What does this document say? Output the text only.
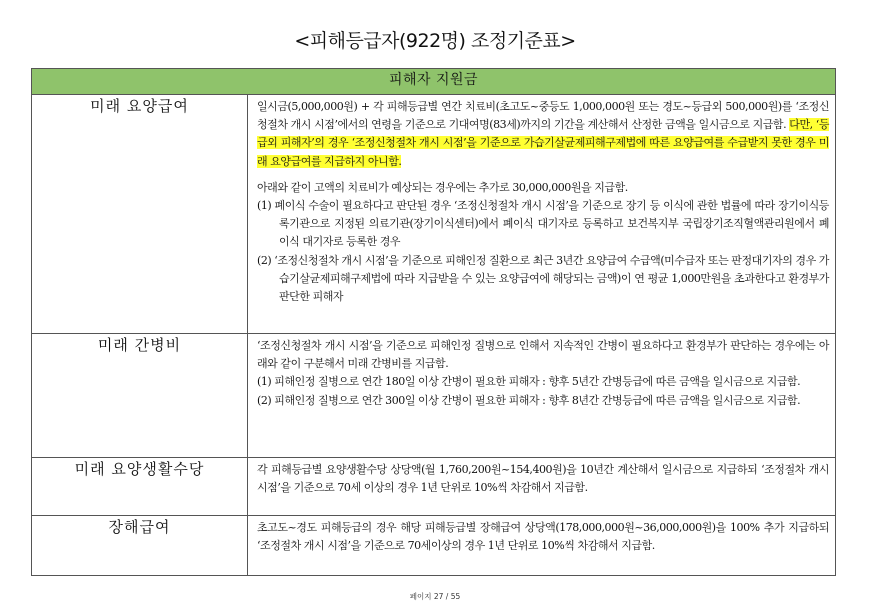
<피해등급자(922명) 조정기준표>
피해자 지원금	
미래 요양급여	일시금(5,000,000원) + 각 피해등급별 연간 치료비(초고도~중등도 1,000,000원 또는 경도~등급외 500,000원)를 ‘조정신청절차 개시 시점’에서의 연령을 기준으로 기대여명(83세)까지의 기간을 계산해서 산정한 금액을 일시금으로 지급함. 다만, ‘등급외 피해자’의 경우 ‘조정신청절차 개시 시점’을 기준으로 가습기살균제피해구제법에 따른 요양급여를 수급받지 못한 경우 미래 요양급여를 지급하지 아니함.
아래와 같이 고액의 치료비가 예상되는 경우에는 추가로 30,000,000원을 지급함.
(1) 폐이식 수술이 필요하다고 판단된 경우 ‘조정신청절차 개시 시점’을 기준으로 장기 등 이식에 관한 법률에 따라 장기이식등록기관으로 지정된 의료기관(장기이식센터)에서 폐이식 대기자로 등록하고 보건복지부 국립장기조직혈액관리원에서 폐이식 대기자로 등록한 경우
(2) ‘조정신청절차 개시 시점’을 기준으로 피해인정 질환으로 최근 3년간 요양급여 수급액(미수급자 또는 판정대기자의 경우 가습기살균제피해구제법에 따라 지급받을 수 있는 요양급여에 해당되는 금액)이 연 평균 1,000만원을 초과한다고 환경부가 판단한 피해자

미래 간병비	‘조정신청절차 개시 시점’을 기준으로 피해인정 질병으로 인해서 지속적인 간병이 필요하다고 환경부가 판단하는 경우에는 아래와 같이 구분해서 미래 간병비를 지급함.
(1) 피해인정 질병으로 연간 180일 이상 간병이 필요한 피해자 : 향후 5년간 간병등급에 따른 금액을 일시금으로 지급함.
(2) 피해인정 질병으로 연간 300일 이상 간병이 필요한 피해자 : 향후 8년간 간병등급에 따른 금액을 일시금으로 지급함.

미래 요양생활수당	각 피해등급별 요양생활수당 상당액(월 1,760,200원~154,400원)을 10년간 계산해서 일시금으로 지급하되 ‘조정절차 개시 시점’을 기준으로 70세 이상의 경우 1년 단위로 10%씩 차감해서 지급함.

장해급여	초고도~경도 피해등급의 경우 해당 피해등급별 장해급여 상당액(178,000,000원~36,000,000원)을 100% 추가 지급하되 ‘조정절차 개시 시점’을 기준으로 70세이상의 경우 1년 단위로 10%씩 차감해서 지급함.
페이지 27 / 55
